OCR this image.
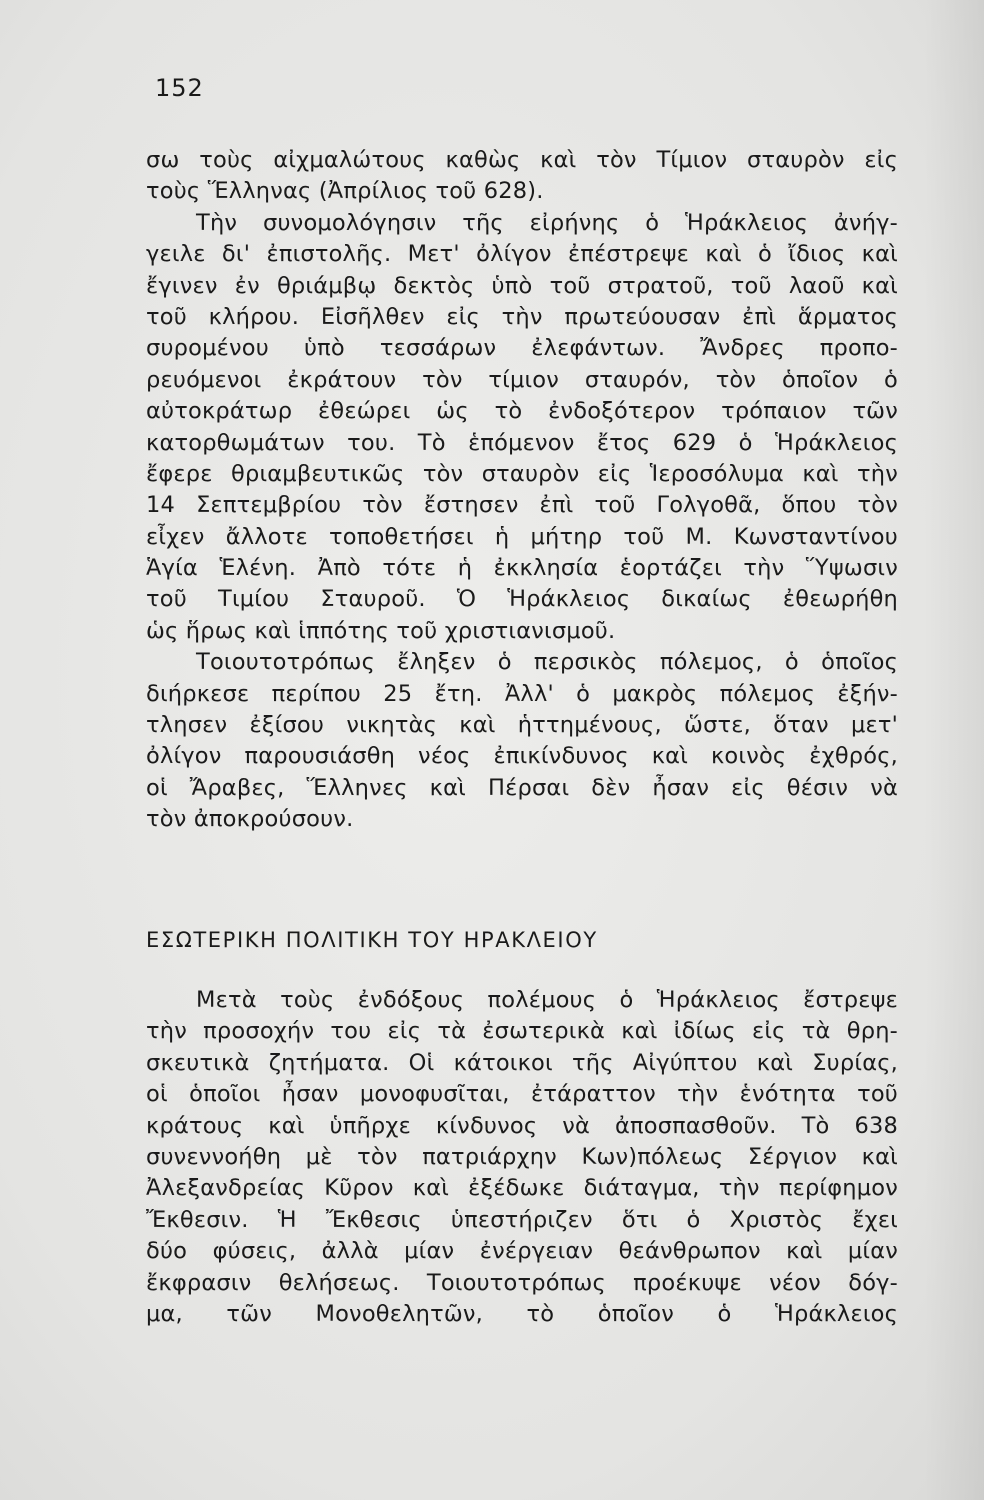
152
σω τοὺς αἰχμαλώτους καθὼς καὶ τὸν Τίμιον σταυρὸν εἰς
τοὺς Ἕλληνας (Ἀπρίλιος τοῦ 628).
Τὴν συνομολόγησιν τῆς εἰρήνης ὁ Ἡράκλειος ἀνήγ-
γειλε δι' ἐπιστολῆς. Μετ' ὀλίγον ἐπέστρεψε καὶ ὁ ἴδιος καὶ
ἔγινεν ἐν θριάμβῳ δεκτὸς ὑπὸ τοῦ στρατοῦ, τοῦ λαοῦ καὶ
τοῦ κλήρου. Εἰσῆλθεν εἰς τὴν πρωτεύουσαν ἐπὶ ἅρματος
συρομένου ὑπὸ τεσσάρων ἐλεφάντων. Ἄνδρες προπο-
ρευόμενοι ἐκράτουν τὸν τίμιον σταυρόν, τὸν ὁποῖον ὁ
αὐτοκράτωρ ἐθεώρει ὡς τὸ ἐνδοξότερον τρόπαιον τῶν
κατορθωμάτων του. Τὸ ἑπόμενον ἔτος 629 ὁ Ἡράκλειος
ἔφερε θριαμβευτικῶς τὸν σταυρὸν εἰς Ἱεροσόλυμα καὶ τὴν
14 Σεπτεμβρίου τὸν ἔστησεν ἐπὶ τοῦ Γολγοθᾶ, ὅπου τὸν
εἶχεν ἄλλοτε τοποθετήσει ἡ μήτηρ τοῦ Μ. Κωνσταντίνου
Ἁγία Ἑλένη. Ἀπὸ τότε ἡ ἐκκλησία ἑορτάζει τὴν Ὕψωσιν
τοῦ Τιμίου Σταυροῦ. Ὁ Ἡράκλειος δικαίως ἐθεωρήθη
ὡς ἥρως καὶ ἱππότης τοῦ χριστιανισμοῦ.
Τοιουτοτρόπως ἔληξεν ὁ περσικὸς πόλεμος, ὁ ὁποῖος
διήρκεσε περίπου 25 ἔτη. Ἀλλ' ὁ μακρὸς πόλεμος ἐξήν-
τλησεν ἐξίσου νικητὰς καὶ ἡττημένους, ὥστε, ὅταν μετ'
ὀλίγον παρουσιάσθη νέος ἐπικίνδυνος καὶ κοινὸς ἐχθρός,
οἱ Ἄραβες, Ἕλληνες καὶ Πέρσαι δὲν ἦσαν εἰς θέσιν νὰ
τὸν ἀποκρούσουν.
ΕΣΩΤΕΡΙΚΗ ΠΟΛΙΤΙΚΗ ΤΟΥ ΗΡΑΚΛΕΙΟΥ
Μετὰ τοὺς ἐνδόξους πολέμους ὁ Ἡράκλειος ἔστρεψε
τὴν προσοχήν του εἰς τὰ ἐσωτερικὰ καὶ ἰδίως εἰς τὰ θρη-
σκευτικὰ ζητήματα. Οἱ κάτοικοι τῆς Αἰγύπτου καὶ Συρίας,
οἱ ὁποῖοι ἦσαν μονοφυσῖται, ἐτάραττον τὴν ἑνότητα τοῦ
κράτους καὶ ὑπῆρχε κίνδυνος νὰ ἀποσπασθοῦν. Τὸ 638
συνεννοήθη μὲ τὸν πατριάρχην Κων)πόλεως Σέργιον καὶ
Ἀλεξανδρείας Κῦρον καὶ ἐξέδωκε διάταγμα, τὴν περίφημον
Ἔκθεσιν. Ἡ Ἔκθεσις ὑπεστήριζεν ὅτι ὁ Χριστὸς ἔχει
δύο φύσεις, ἀλλὰ μίαν ἐνέργειαν θεάνθρωπον καὶ μίαν
ἔκφρασιν θελήσεως. Τοιουτοτρόπως προέκυψε νέον δόγ-
μα, τῶν Μονοθελητῶν, τὸ ὁποῖον ὁ Ἡράκλειος
